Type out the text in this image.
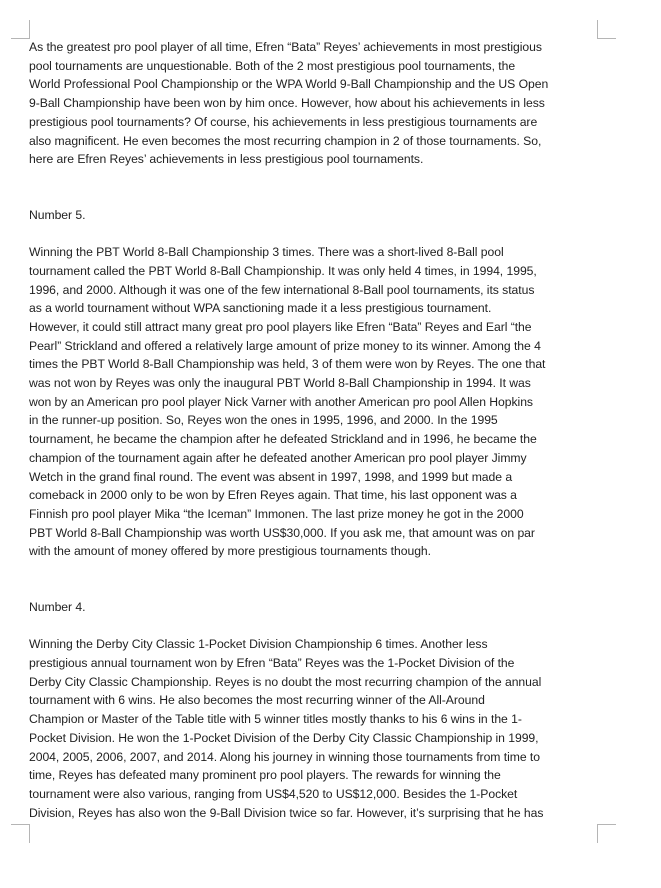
As the greatest pro pool player of all time, Efren “Bata” Reyes’ achievements in most prestigious

pool tournaments are unquestionable. Both of the 2 most prestigious pool tournaments, the

World Professional Pool Championship or the WPA World 9-Ball Championship and the US Open

9-Ball Championship have been won by him once. However, how about his achievements in less

prestigious pool tournaments? Of course, his achievements in less prestigious tournaments are

also magnificent. He even becomes the most recurring champion in 2 of those tournaments. So,

here are Efren Reyes’ achievements in less prestigious pool tournaments.

Number 5.

Winning the PBT World 8-Ball Championship 3 times. There was a short-lived 8-Ball pool

tournament called the PBT World 8-Ball Championship. It was only held 4 times, in 1994, 1995,

1996, and 2000. Although it was one of the few international 8-Ball pool tournaments, its status

as a world tournament without WPA sanctioning made it a less prestigious tournament.

However, it could still attract many great pro pool players like Efren “Bata” Reyes and Earl “the

Pearl” Strickland and offered a relatively large amount of prize money to its winner. Among the 4

times the PBT World 8-Ball Championship was held, 3 of them were won by Reyes. The one that

was not won by Reyes was only the inaugural PBT World 8-Ball Championship in 1994. It was

won by an American pro pool player Nick Varner with another American pro pool Allen Hopkins

in the runner-up position. So, Reyes won the ones in 1995, 1996, and 2000. In the 1995

tournament, he became the champion after he defeated Strickland and in 1996, he became the

champion of the tournament again after he defeated another American pro pool player Jimmy

Wetch in the grand final round. The event was absent in 1997, 1998, and 1999 but made a

comeback in 2000 only to be won by Efren Reyes again. That time, his last opponent was a

Finnish pro pool player Mika “the Iceman” Immonen. The last prize money he got in the 2000

PBT World 8-Ball Championship was worth US$30,000. If you ask me, that amount was on par

with the amount of money offered by more prestigious tournaments though.

Number 4.

Winning the Derby City Classic 1-Pocket Division Championship 6 times. Another less

prestigious annual tournament won by Efren “Bata” Reyes was the 1-Pocket Division of the

Derby City Classic Championship. Reyes is no doubt the most recurring champion of the annual

tournament with 6 wins. He also becomes the most recurring winner of the All-Around

Champion or Master of the Table title with 5 winner titles mostly thanks to his 6 wins in the 1-

Pocket Division. He won the 1-Pocket Division of the Derby City Classic Championship in 1999,

2004, 2005, 2006, 2007, and 2014. Along his journey in winning those tournaments from time to

time, Reyes has defeated many prominent pro pool players. The rewards for winning the

tournament were also various, ranging from US$4,520 to US$12,000. Besides the 1-Pocket

Division, Reyes has also won the 9-Ball Division twice so far. However, it’s surprising that he has
